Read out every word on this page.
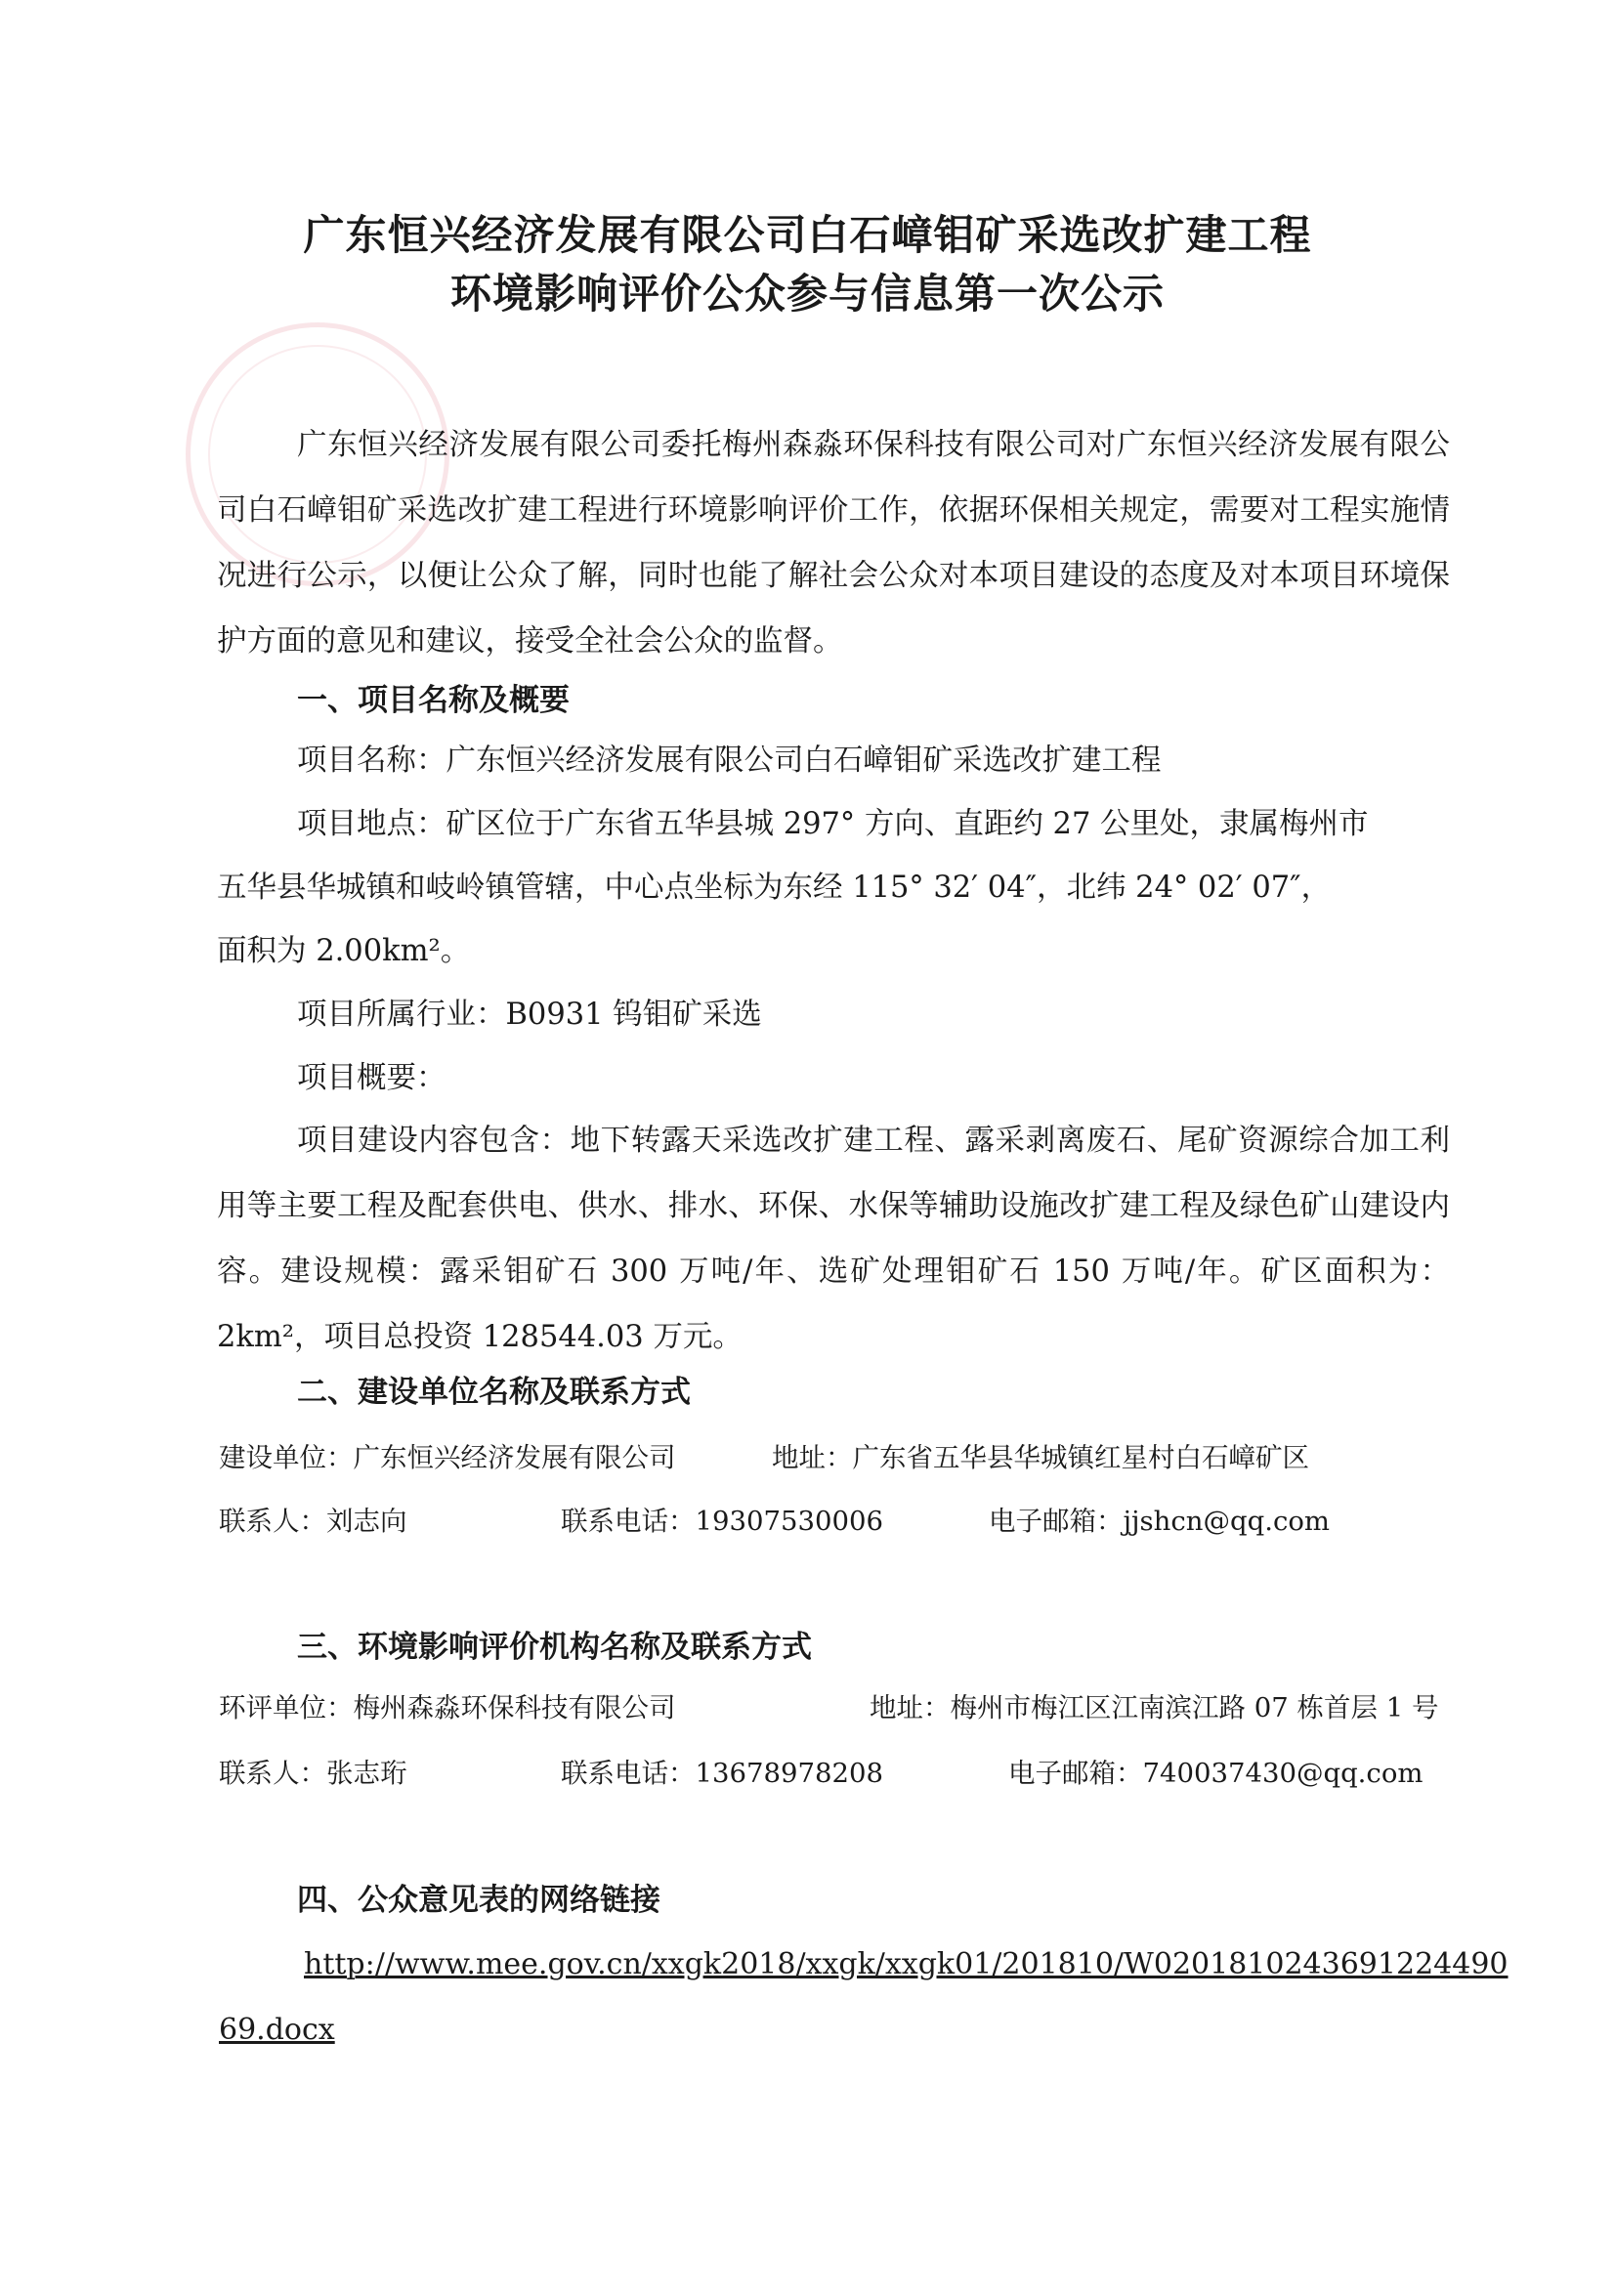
广东恒兴经济发展有限公司白石嶂钼矿采选改扩建工程
环境影响评价公众参与信息第一次公示

广东恒兴经济发展有限公司委托梅州森淼环保科技有限公司对广东恒兴经济发展有限公司白石嶂钼矿采选改扩建工程进行环境影响评价工作，依据环保相关规定，需要对工程实施情况进行公示，以便让公众了解，同时也能了解社会公众对本项目建设的态度及对本项目环境保护方面的意见和建议，接受全社会公众的监督。

一、项目名称及概要
项目名称：广东恒兴经济发展有限公司白石嶂钼矿采选改扩建工程
项目地点：矿区位于广东省五华县城 297° 方向、直距约 27 公里处，隶属梅州市
五华县华城镇和岐岭镇管辖，中心点坐标为东经 115° 32′ 04″，北纬 24° 02′ 07″，
面积为 2.00km²。
项目所属行业：B0931 钨钼矿采选
项目概要：

项目建设内容包含：地下转露天采选改扩建工程、露采剥离废石、尾矿资源综合加工利用等主要工程及配套供电、供水、排水、环保、水保等辅助设施改扩建工程及绿色矿山建设内容。建设规模：露采钼矿石 300 万吨/年、选矿处理钼矿石 150 万吨/年。矿区面积为：2km²，项目总投资 128544.03 万元。

二、建设单位名称及联系方式
建设单位：广东恒兴经济发展有限公司	地址：广东省五华县华城镇红星村白石嶂矿区
联系人：刘志向	联系电话：19307530006	电子邮箱：jjshcn@qq.com
三、环境影响评价机构名称及联系方式
环评单位：梅州森淼环保科技有限公司	地址：梅州市梅江区江南滨江路 07 栋首层 1 号
联系人：张志珩	联系电话：13678978208	电子邮箱：740037430@qq.com
四、公众意见表的网络链接
http://www.mee.gov.cn/xxgk2018/xxgk/xxgk01/201810/W0201810243691224490
69.docx
